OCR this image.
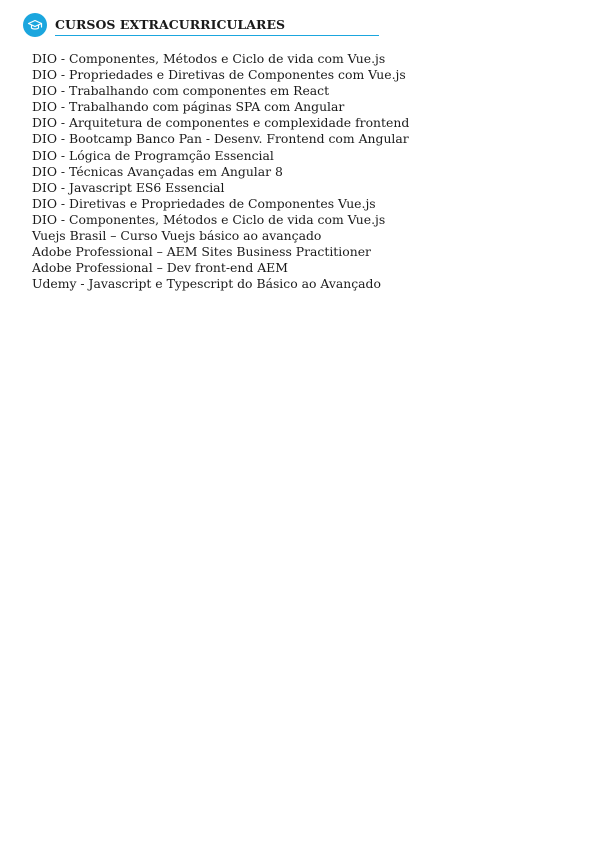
CURSOS EXTRACURRICULARES
DIO - Componentes, Métodos e Ciclo de vida com Vue.js
DIO - Propriedades e Diretivas de Componentes com Vue.js
DIO - Trabalhando com componentes em React
DIO - Trabalhando com páginas SPA com Angular
DIO - Arquitetura de componentes e complexidade frontend
DIO - Bootcamp Banco Pan - Desenv. Frontend com Angular
DIO - Lógica de Programção Essencial
DIO - Técnicas Avançadas em Angular 8
DIO - Javascript ES6 Essencial
DIO - Diretivas e Propriedades de Componentes Vue.js
DIO - Componentes, Métodos e Ciclo de vida com Vue.js
Vuejs Brasil – Curso Vuejs básico ao avançado
Adobe Professional – AEM Sites Business Practitioner
Adobe Professional – Dev front-end AEM
Udemy - Javascript e Typescript do Básico ao Avançado
